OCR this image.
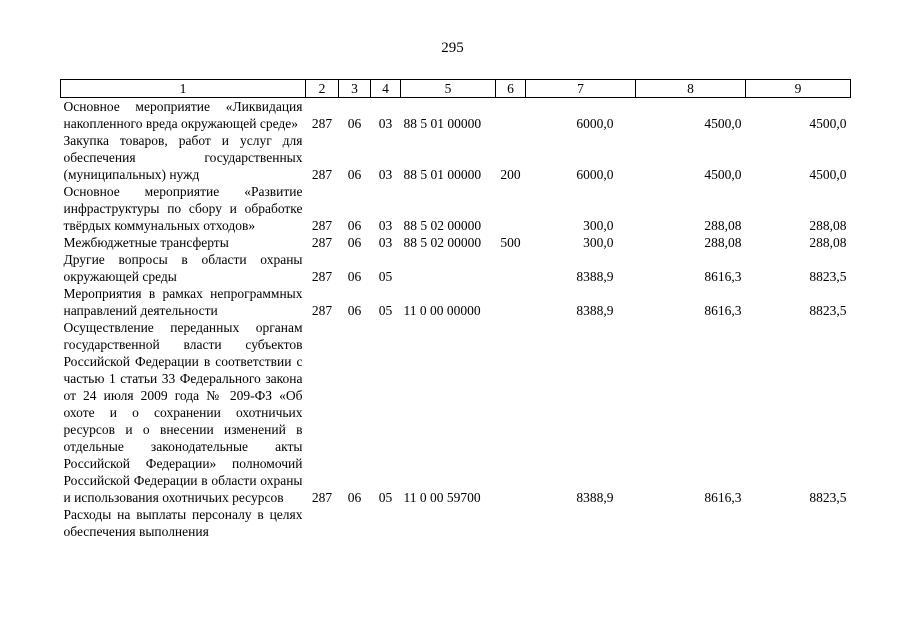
295
1	2	3	4	5	6	7	8	9
Основное мероприятие «Ликвидация накопленного вреда окружающей среде»	287	06	03	88 5 01 00000		6000,0	4500,0	4500,0
Закупка товаров, работ и услуг для обеспечения государственных (муниципальных) нужд	287	06	03	88 5 01 00000	200	6000,0	4500,0	4500,0
Основное мероприятие «Развитие инфраструктуры по сбору и обработке твёрдых коммунальных отходов»	287	06	03	88 5 02 00000		300,0	288,08	288,08
Межбюджетные трансферты	287	06	03	88 5 02 00000	500	300,0	288,08	288,08
Другие вопросы в области охраны окружающей среды	287	06	05			8388,9	8616,3	8823,5
Мероприятия в рамках непрограммных направлений деятельности	287	06	05	11 0 00 00000		8388,9	8616,3	8823,5
Осуществление переданных органам государственной власти субъектов Российской Федерации в соответствии с частью 1 статьи 33 Федерального закона от 24 июля 2009 года № 209-ФЗ «Об охоте и о сохранении охотничьих ресурсов и о внесении изменений в отдельные законодательные акты Российской Федерации» полномочий Российской Федерации в области охраны и использования охотничьих ресурсов	287	06	05	11 0 00 59700		8388,9	8616,3	8823,5
Расходы на выплаты персоналу в целях обеспечения выполнения								
